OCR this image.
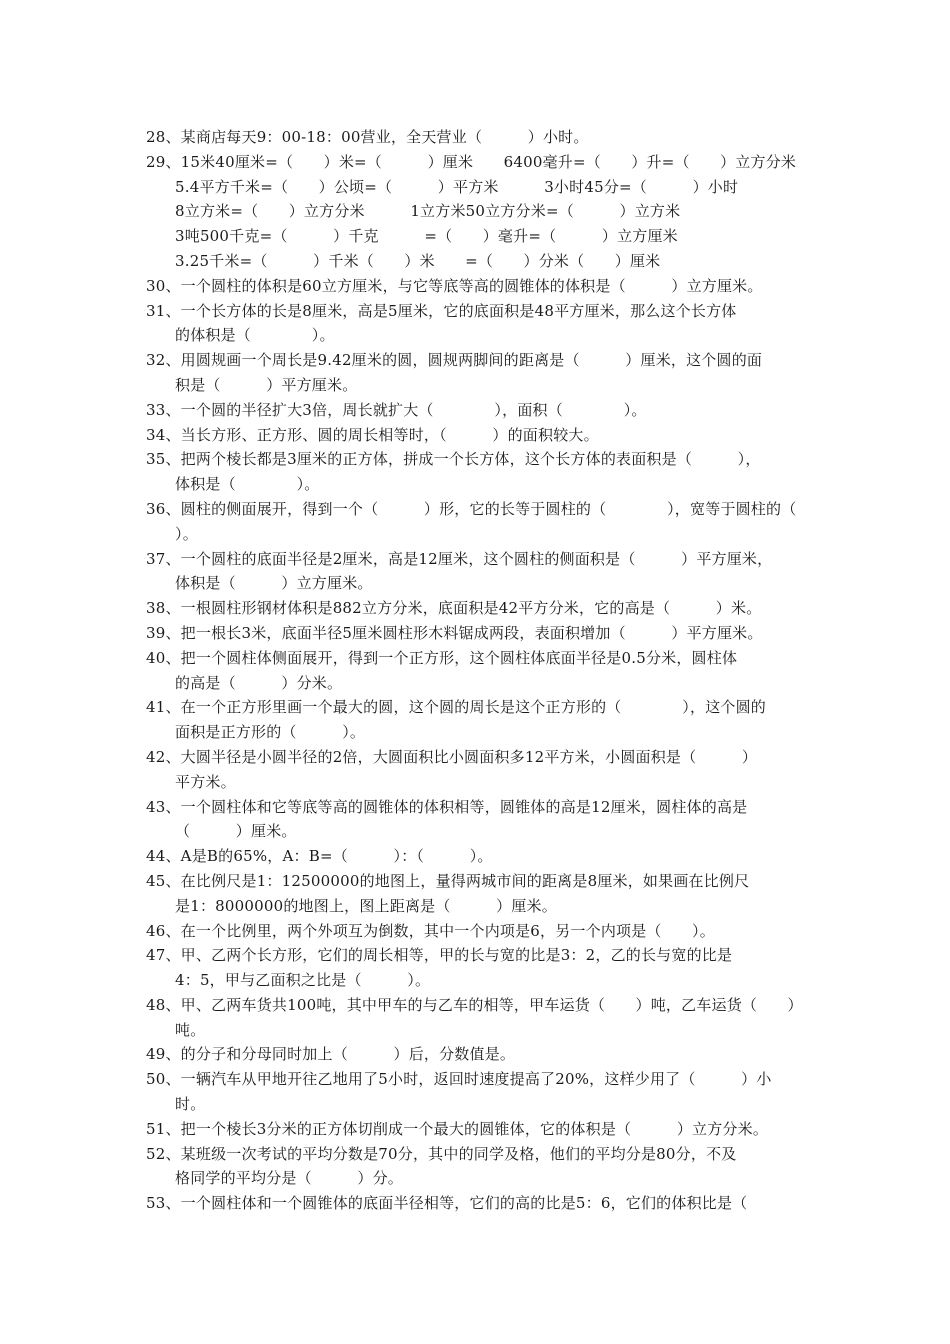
28、某商店每天9：00-18：00营业，全天营业（　　　）小时。
29、15米40厘米=（　　）米=（　　　）厘米　　6400毫升=（　　）升=（　　）立方分米
5.4平方千米=（　　）公顷=（　　　）平方米　　　3小时45分=（　　　）小时
8立方米=（　　）立方分米　　　1立方米50立方分米=（　　　）立方米
3吨500千克=（　　　）千克　　　=（　　）毫升=（　　　）立方厘米
3.25千米=（　　　）千米（　　）米　　=（　　）分米（　　）厘米
30、一个圆柱的体积是60立方厘米，与它等底等高的圆锥体的体积是（　　　）立方厘米。
31、一个长方体的长是8厘米，高是5厘米，它的底面积是48平方厘米，那么这个长方体
的体积是（　　　　）。
32、用圆规画一个周长是9.42厘米的圆，圆规两脚间的距离是（　　　）厘米，这个圆的面
积是（　　　）平方厘米。
33、一个圆的半径扩大3倍，周长就扩大（　　　　），面积（　　　　）。
34、当长方形、正方形、圆的周长相等时，（　　　）的面积较大。
35、把两个棱长都是3厘米的正方体，拼成一个长方体，这个长方体的表面积是（　　　），
体积是（　　　　）。
36、圆柱的侧面展开，得到一个（　　　）形，它的长等于圆柱的（　　　　），宽等于圆柱的（
）。
37、一个圆柱的底面半径是2厘米，高是12厘米，这个圆柱的侧面积是（　　　）平方厘米，
体积是（　　　）立方厘米。
38、一根圆柱形钢材体积是882立方分米，底面积是42平方分米，它的高是（　　　）米。
39、把一根长3米，底面半径5厘米圆柱形木料锯成两段，表面积增加（　　　）平方厘米。
40、把一个圆柱体侧面展开，得到一个正方形，这个圆柱体底面半径是0.5分米，圆柱体
的高是（　　　）分米。
41、在一个正方形里画一个最大的圆，这个圆的周长是这个正方形的（　　　　），这个圆的
面积是正方形的（　　　）。
42、大圆半径是小圆半径的2倍，大圆面积比小圆面积多12平方米，小圆面积是（　　　）
平方米。
43、一个圆柱体和它等底等高的圆锥体的体积相等，圆锥体的高是12厘米，圆柱体的高是
（　　　）厘米。
44、A是B的65%，A：B=（　　　）：（　　　）。
45、在比例尺是1：12500000的地图上，量得两城市间的距离是8厘米，如果画在比例尺
是1：8000000的地图上，图上距离是（　　　）厘米。
46、在一个比例里，两个外项互为倒数，其中一个内项是6，另一个内项是（　　）。
47、甲、乙两个长方形，它们的周长相等，甲的长与宽的比是3：2，乙的长与宽的比是
4：5，甲与乙面积之比是（　　　）。
48、甲、乙两车货共100吨，其中甲车的与乙车的相等，甲车运货（　　）吨，乙车运货（　　）
吨。
49、的分子和分母同时加上（　　　）后，分数值是。
50、一辆汽车从甲地开往乙地用了5小时，返回时速度提高了20%，这样少用了（　　　）小
时。
51、把一个棱长3分米的正方体切削成一个最大的圆锥体，它的体积是（　　　）立方分米。
52、某班级一次考试的平均分数是70分，其中的同学及格，他们的平均分是80分，不及
格同学的平均分是（　　　）分。
53、一个圆柱体和一个圆锥体的底面半径相等，它们的高的比是5：6，它们的体积比是（
